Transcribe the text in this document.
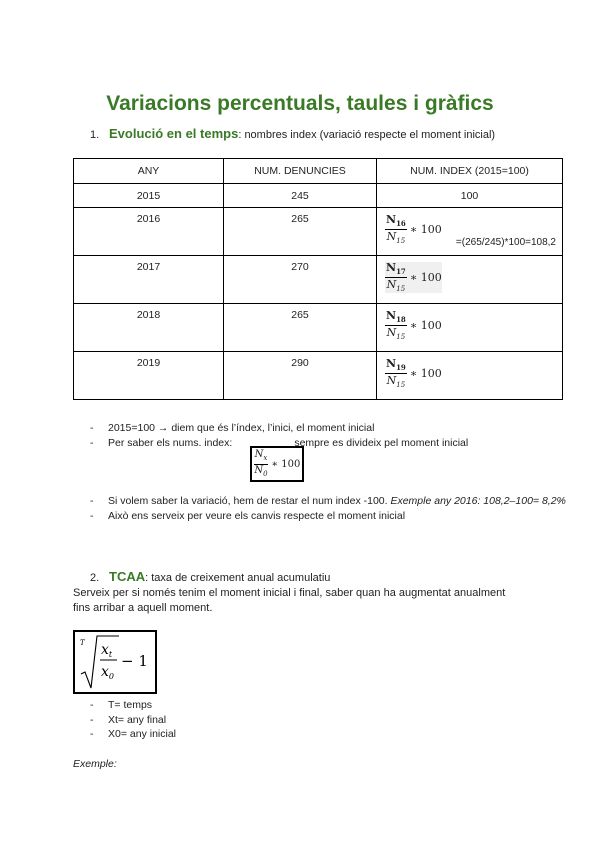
Variacions percentuals, taules i gràfics
1. Evolució en el temps: nombres index (variació respecte el moment inicial)
ANY	NUM. DENUNCIES	NUM. INDEX (2015=100)
2015	245	100
2016	265	$N_{16}$
$N_{15}$
∗ 100
=(265/245)*100=108,2

2017	270	$N_{17}$
$N_{15}$
∗ 100

2018	265	$N_{18}$
$N_{15}$
∗ 100

2019	290	$N_{19}$
$N_{15}$
∗ 100
- 2015=100 → diem que és l’índex, l’inici, el moment inicial
- Per saber els nums. index:	sempre es divideix pel moment inicial
$N_x$
$N_0$
∗ 100
- Si volem saber la variació, hem de restar el num index -100. Exemple any 2016: 108,2–100= 8,2%
- Això ens serveix per veure els canvis respecte el moment inicial
2. TCAA: taxa de creixement anual acumulatiu
Serveix per si només tenim el moment inicial i final, saber quan ha augmentat anualment
fins arribar a aquell moment.
T $x_t$
$x_0$
− 1
- T= temps
- Xt= any final
- X0= any inicial
Exemple:
